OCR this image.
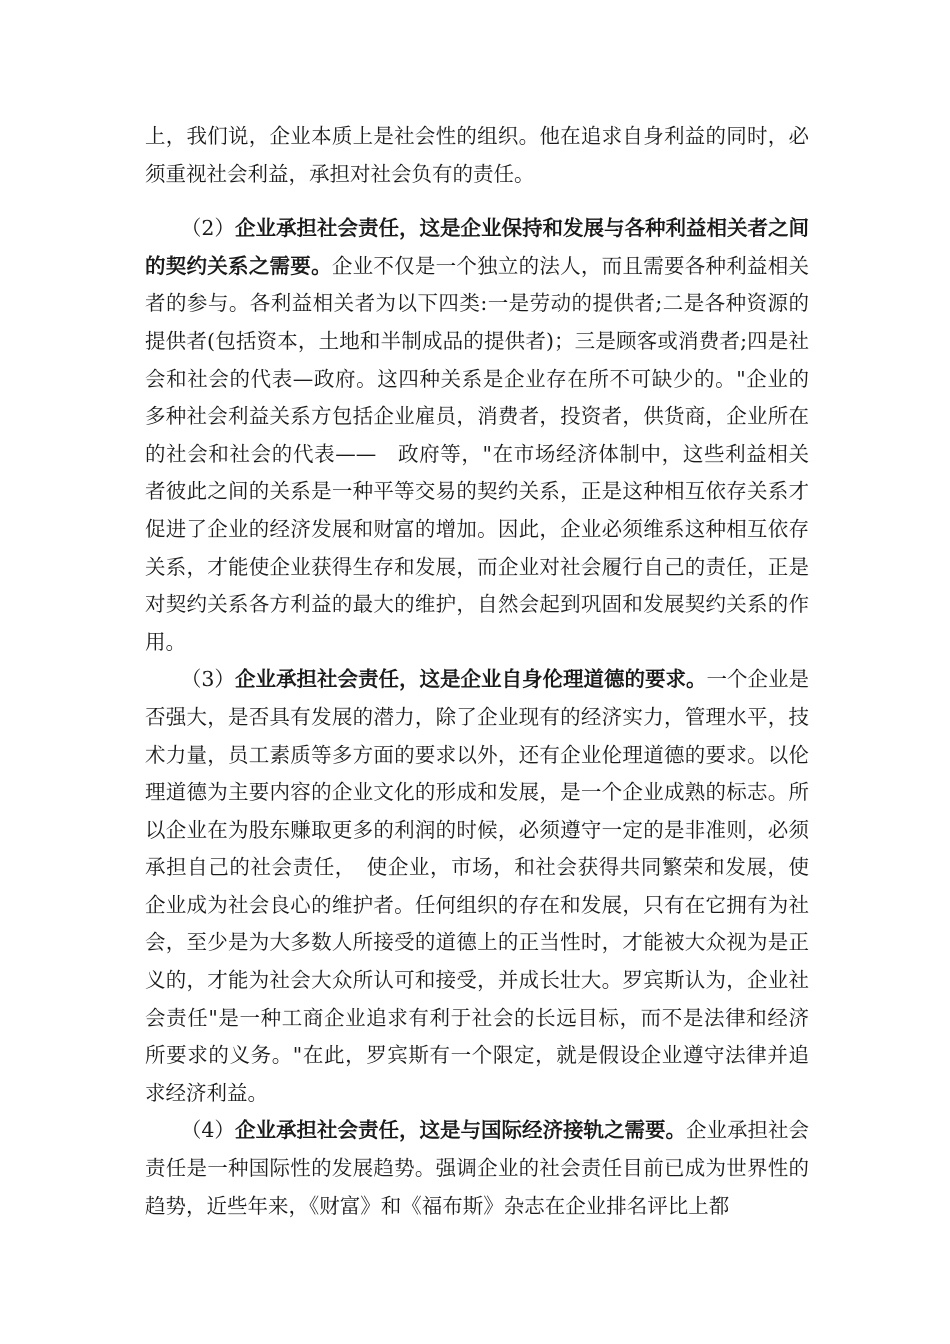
上，我们说，企业本质上是社会性的组织。他在追求自身利益的同时，必须重视社会利益，承担对社会负有的责任。

（2）企业承担社会责任，这是企业保持和发展与各种利益相关者之间的契约关系之需要。企业不仅是一个独立的法人，而且需要各种利益相关者的参与。各利益相关者为以下四类:一是劳动的提供者;二是各种资源的提供者(包括资本，土地和半制成品的提供者)；三是顾客或消费者;四是社会和社会的代表—政府。这四种关系是企业存在所不可缺少的。"企业的多种社会利益关系方包括企业雇员，消费者，投资者，供货商，企业所在的社会和社会的代表——　政府等，"在市场经济体制中，这些利益相关者彼此之间的关系是一种平等交易的契约关系，正是这种相互依存关系才促进了企业的经济发展和财富的增加。因此，企业必须维系这种相互依存关系，才能使企业获得生存和发展，而企业对社会履行自己的责任，正是对契约关系各方利益的最大的维护，自然会起到巩固和发展契约关系的作用。

（3）企业承担社会责任，这是企业自身伦理道德的要求。一个企业是否强大，是否具有发展的潜力，除了企业现有的经济实力，管理水平，技术力量，员工素质等多方面的要求以外，还有企业伦理道德的要求。以伦理道德为主要内容的企业文化的形成和发展，是一个企业成熟的标志。所以企业在为股东赚取更多的利润的时候，必须遵守一定的是非准则，必须承担自己的社会责任，　使企业，市场，和社会获得共同繁荣和发展，使企业成为社会良心的维护者。任何组织的存在和发展，只有在它拥有为社会，至少是为大多数人所接受的道德上的正当性时，才能被大众视为是正义的，才能为社会大众所认可和接受，并成长壮大。罗宾斯认为，企业社会责任"是一种工商企业追求有利于社会的长远目标，而不是法律和经济所要求的义务。"在此，罗宾斯有一个限定，就是假设企业遵守法律并追求经济利益。

（4）企业承担社会责任，这是与国际经济接轨之需要。企业承担社会责任是一种国际性的发展趋势。强调企业的社会责任目前已成为世界性的趋势，近些年来，《财富》和《福布斯》杂志在企业排名评比上都
